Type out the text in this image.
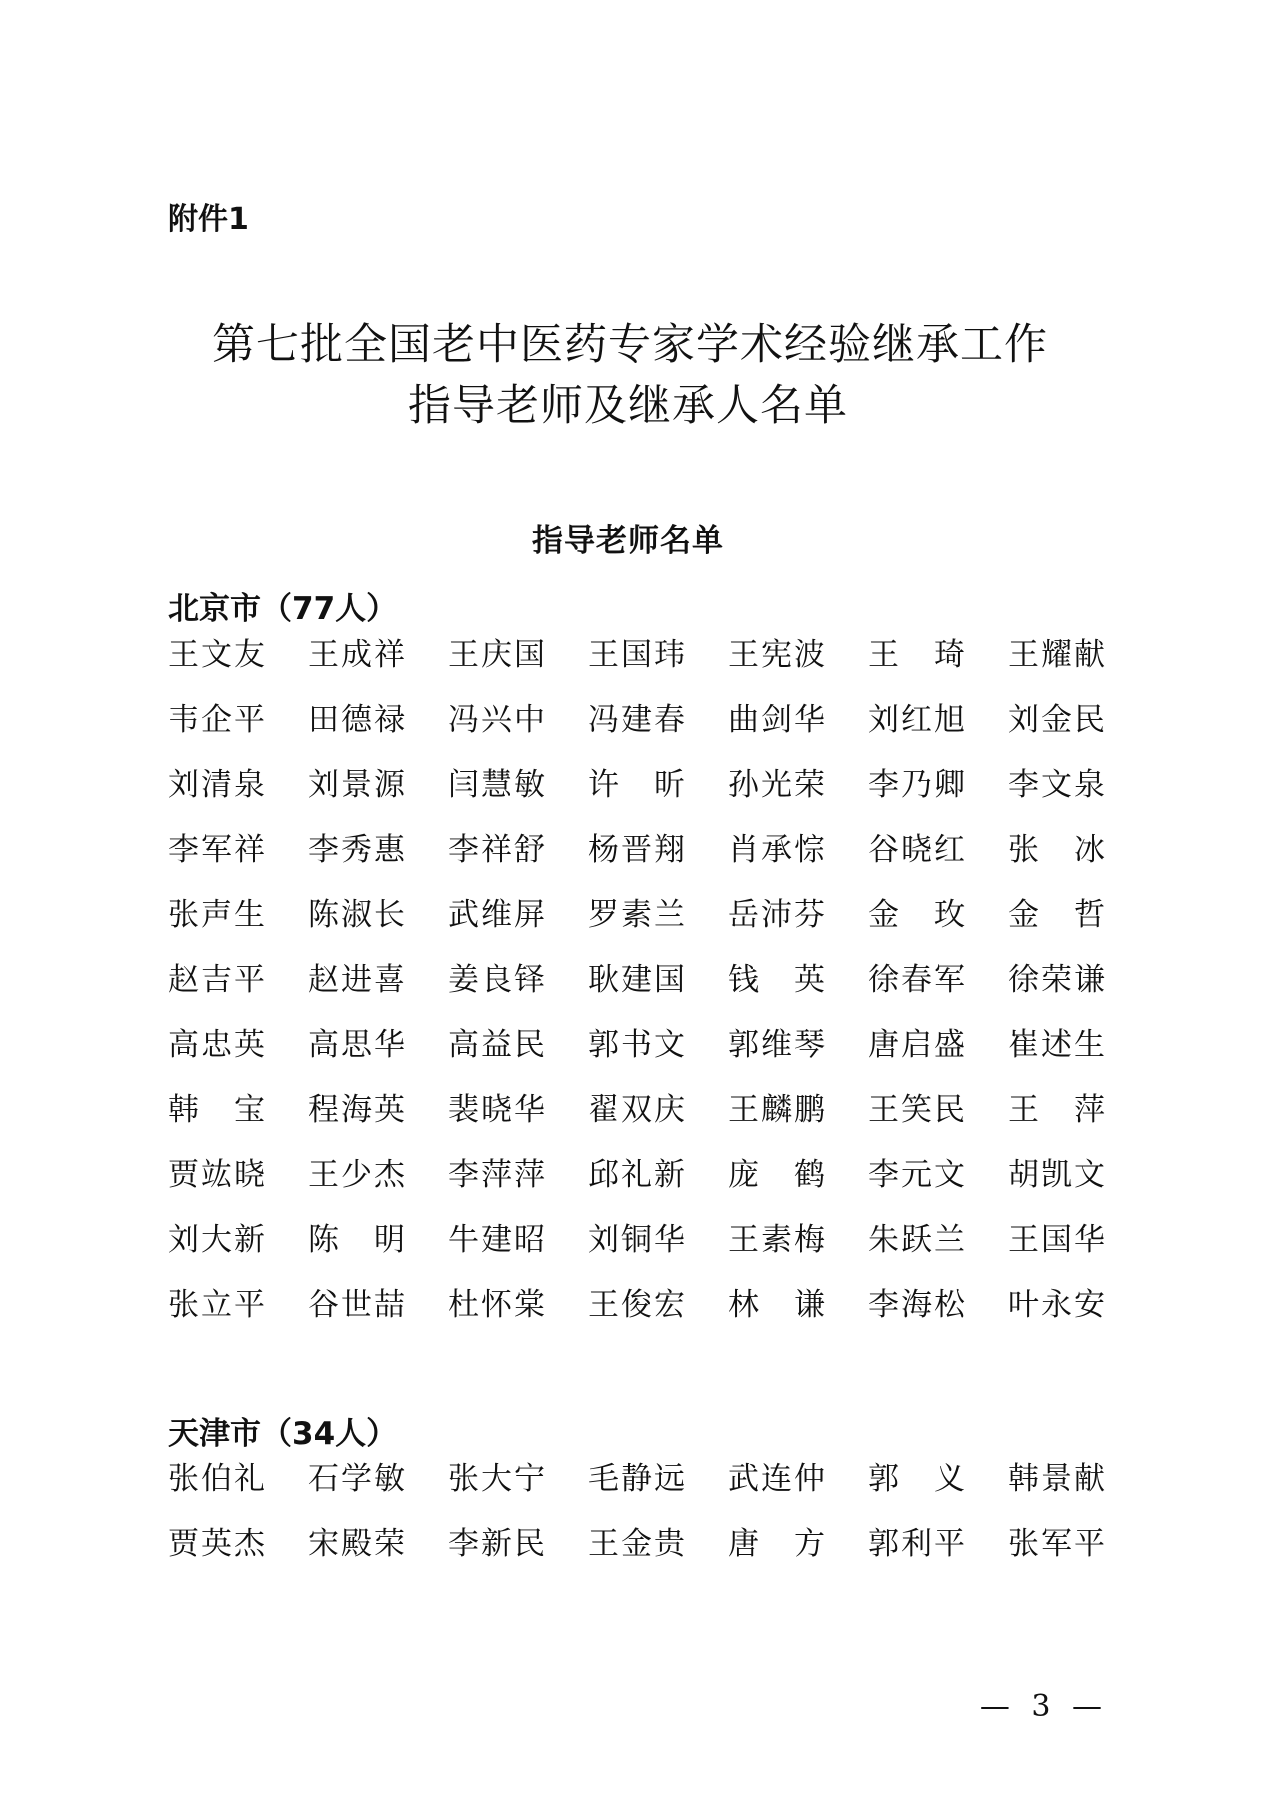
附件1
第七批全国老中医药专家学术经验继承工作
指导老师及继承人名单
指导老师名单
北京市（77人）
王文友	王成祥	王庆国	王国玮	王宪波	王　琦	王耀献
韦企平	田德禄	冯兴中	冯建春	曲剑华	刘红旭	刘金民
刘清泉	刘景源	闫慧敏	许　昕	孙光荣	李乃卿	李文泉
李军祥	李秀惠	李祥舒	杨晋翔	肖承悰	谷晓红	张　冰
张声生	陈淑长	武维屏	罗素兰	岳沛芬	金　玫	金　哲
赵吉平	赵进喜	姜良铎	耿建国	钱　英	徐春军	徐荣谦
高忠英	高思华	高益民	郭书文	郭维琴	唐启盛	崔述生
韩　宝	程海英	裴晓华	翟双庆	王麟鹏	王笑民	王　萍
贾竑晓	王少杰	李萍萍	邱礼新	庞　鹤	李元文	胡凯文
刘大新	陈　明	牛建昭	刘铜华	王素梅	朱跃兰	王国华
张立平	谷世喆	杜怀棠	王俊宏	林　谦	李海松	叶永安
天津市（34人）
张伯礼	石学敏	张大宁	毛静远	武连仲	郭　义	韩景献
贾英杰	宋殿荣	李新民	王金贵	唐　方	郭利平	张军平
— 3 —
